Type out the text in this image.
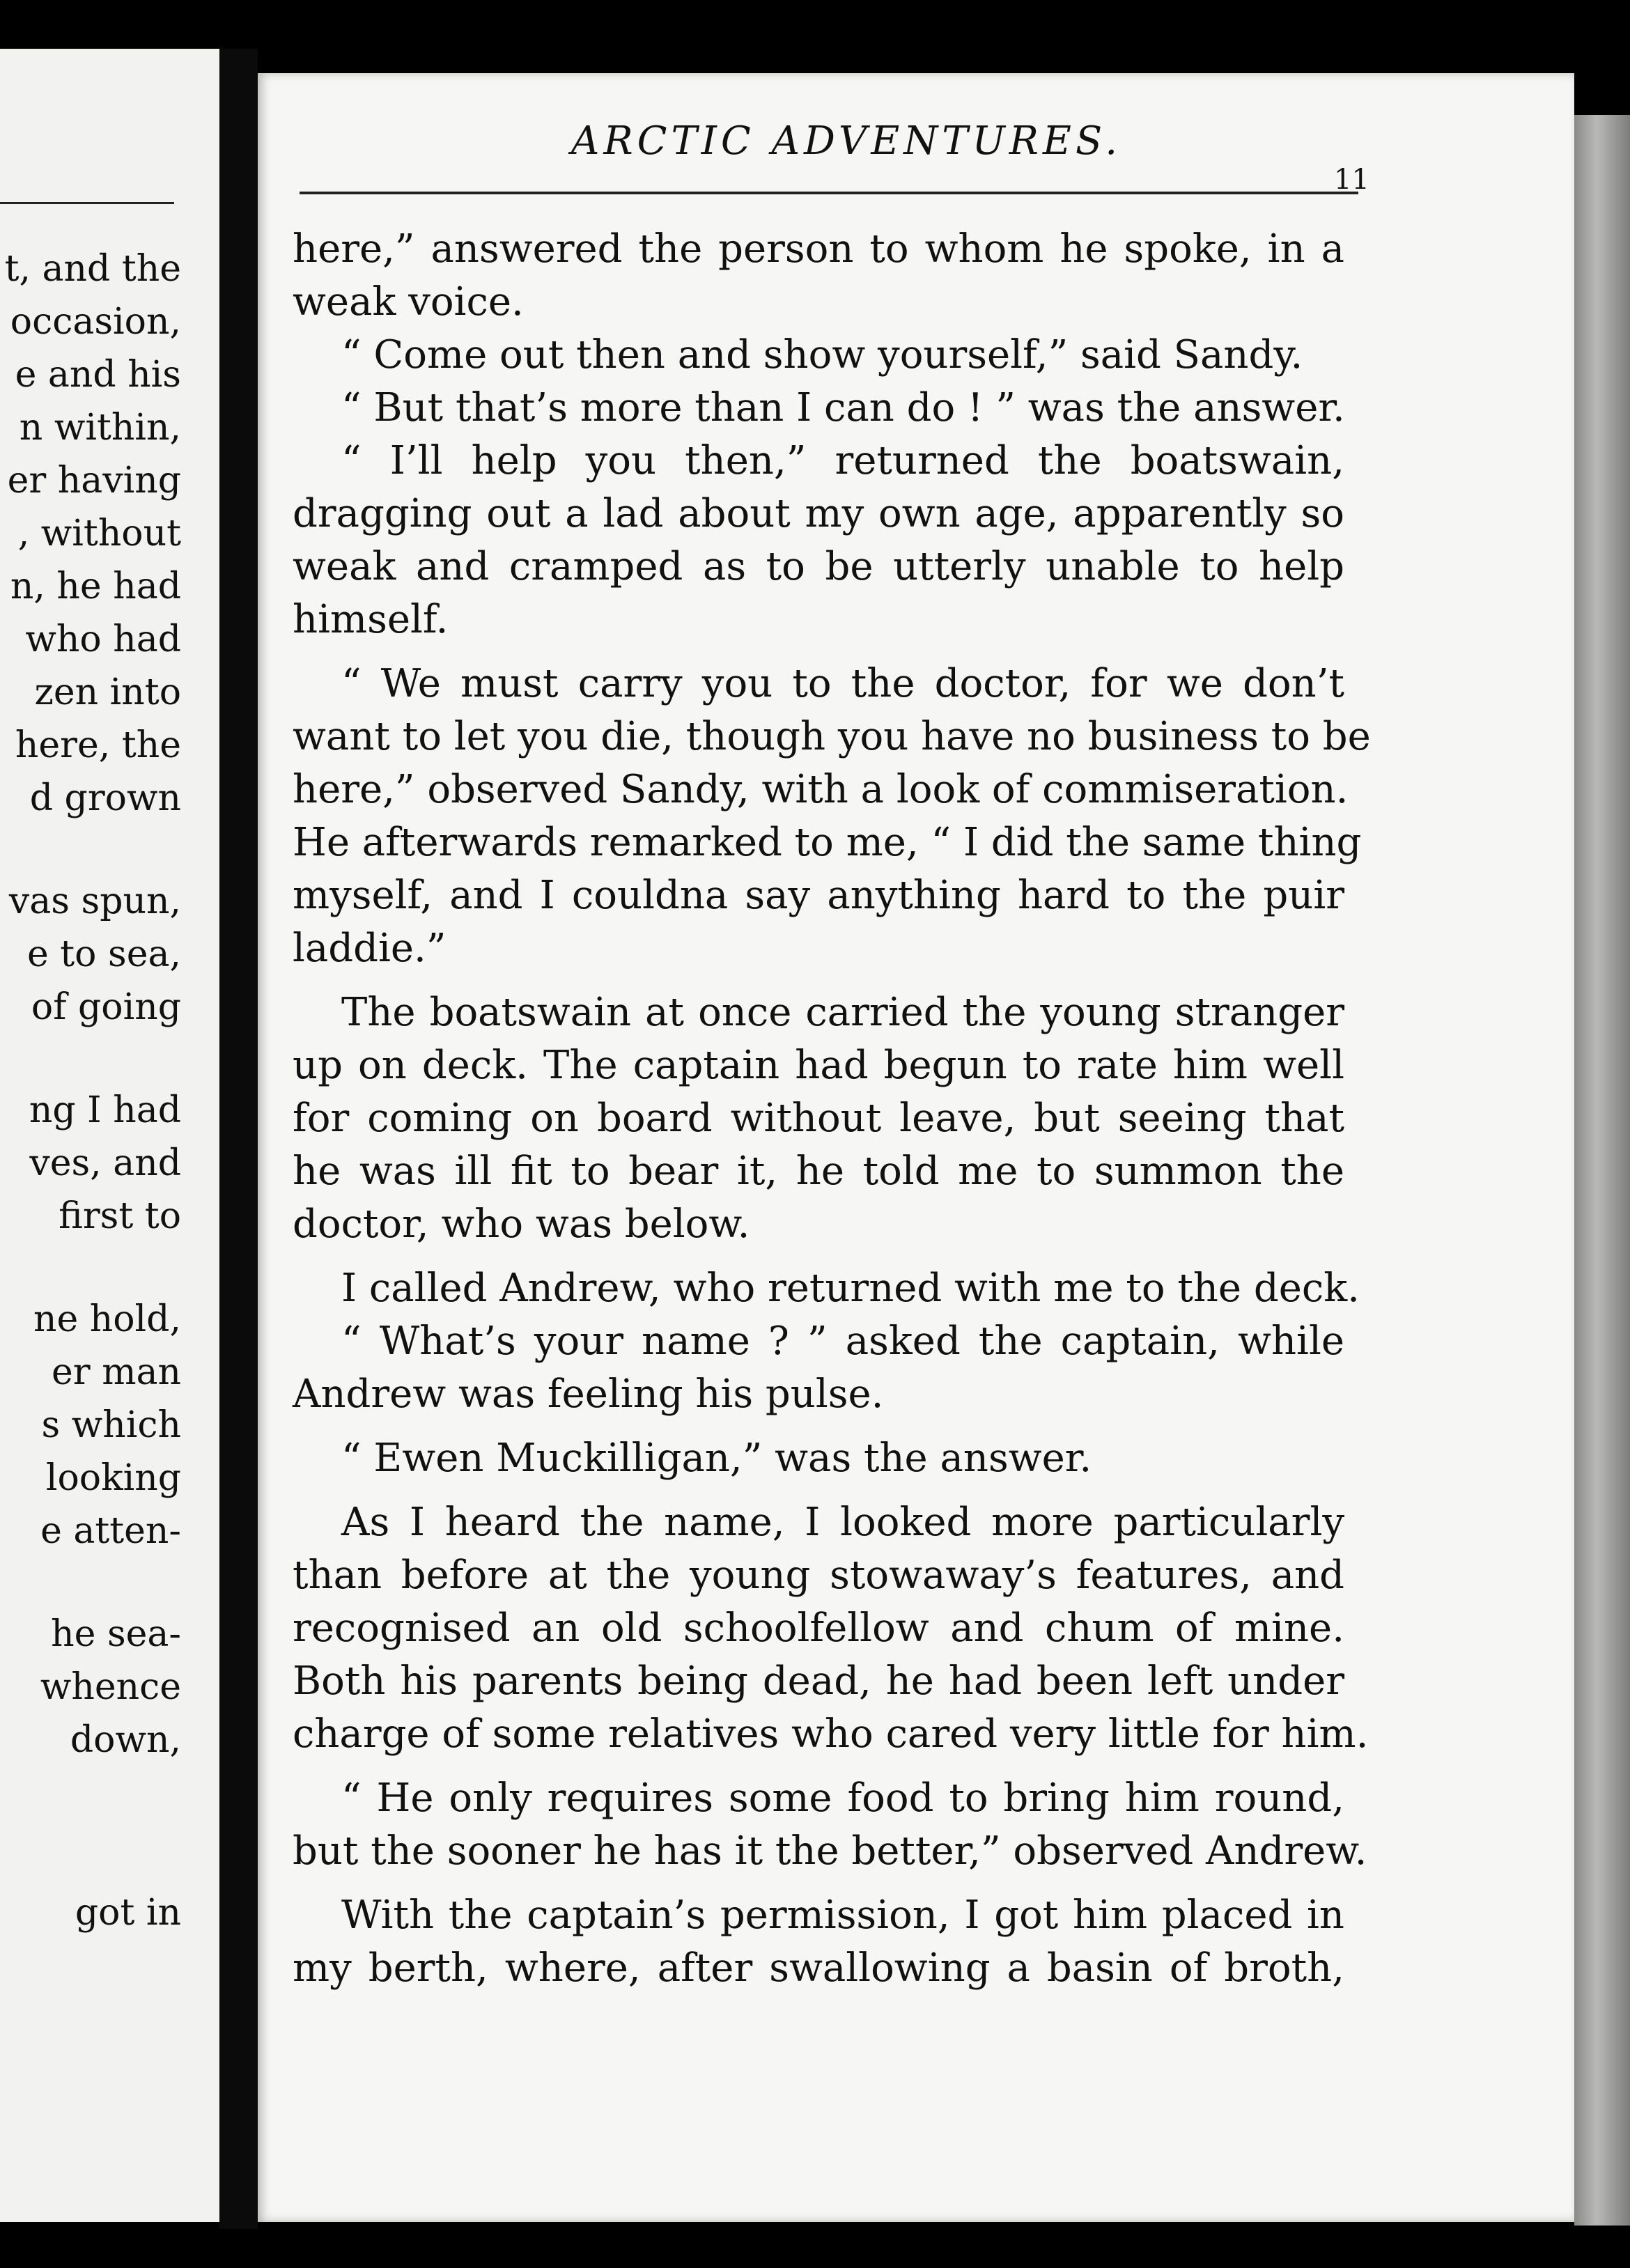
t, and the
occasion,
e and his
n within,
er having
, without
n, he had
who had
zen into
here, the
d grown
vas spun,
e to sea,
of going
ng I had
ves, and
first to
ne hold,
er man
s which
looking
e atten-
he sea-
whence
down,
got in
ARCTIC ADVENTURES.
11
here,” answered the person to whom he spoke, in a
weak voice.
“ Come out then and show yourself,” said Sandy.
“ But that’s more than I can do ! ” was the answer.
“ I’ll help you then,” returned the boatswain,
dragging out a lad about my own age, apparently so
weak and cramped as to be utterly unable to help
himself.
“ We must carry you to the doctor, for we don’t
want to let you die, though you have no business to be
here,” observed Sandy, with a look of commiseration.
He afterwards remarked to me, “ I did the same thing
myself, and I couldna say anything hard to the puir
laddie.”
The boatswain at once carried the young stranger
up on deck. The captain had begun to rate him well
for coming on board without leave, but seeing that
he was ill fit to bear it, he told me to summon the
doctor, who was below.
I called Andrew, who returned with me to the deck.
“ What’s your name ? ” asked the captain, while
Andrew was feeling his pulse.
“ Ewen Muckilligan,” was the answer.
As I heard the name, I looked more particularly
than before at the young stowaway’s features, and
recognised an old schoolfellow and chum of mine.
Both his parents being dead, he had been left under
charge of some relatives who cared very little for him.
“ He only requires some food to bring him round,
but the sooner he has it the better,” observed Andrew.
With the captain’s permission, I got him placed in
my berth, where, after swallowing a basin of broth,
